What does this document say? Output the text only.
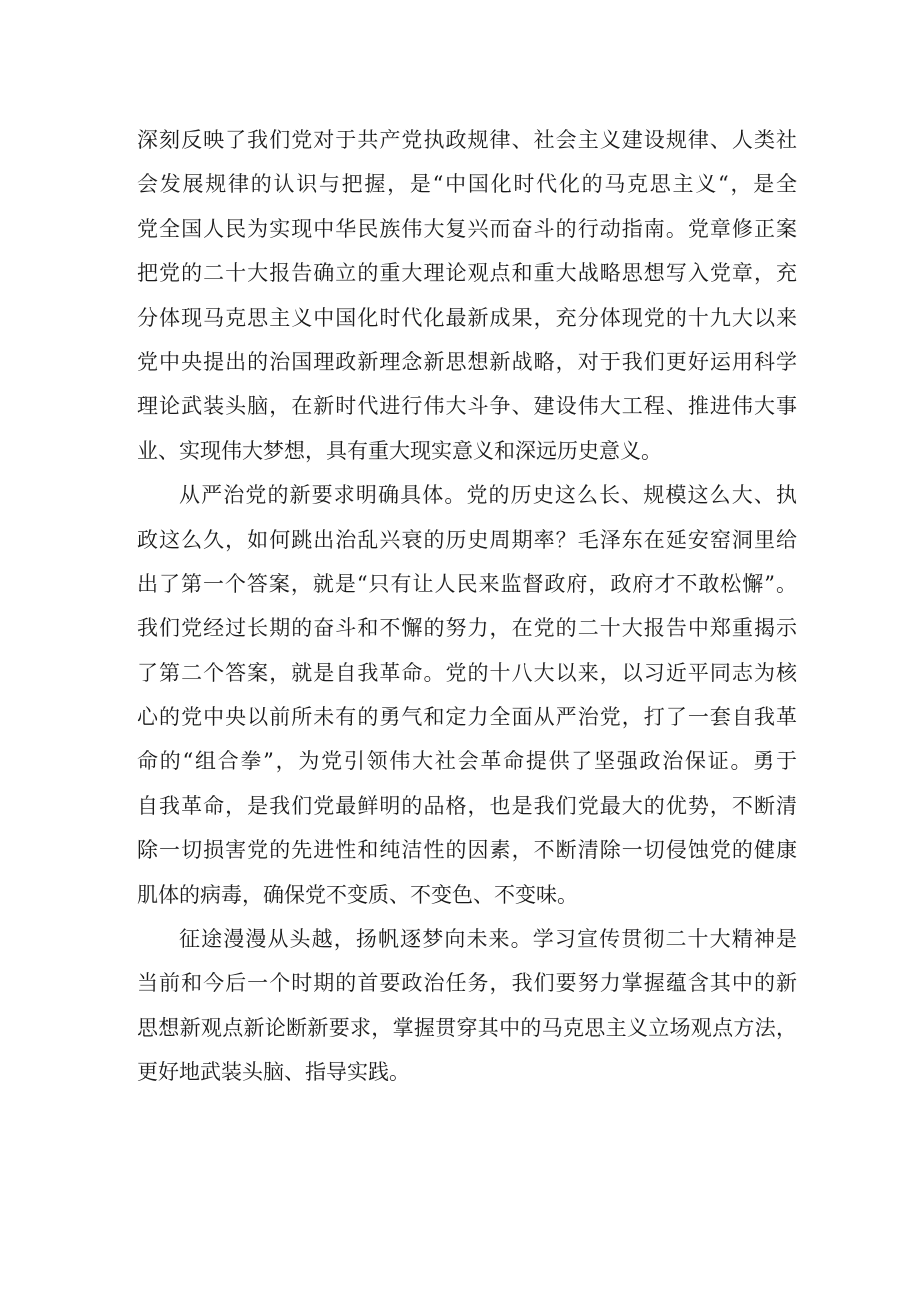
深刻反映了我们党对于共产党执政规律、社会主义建设规律、人类社
会发展规律的认识与把握，是“中国化时代化的马克思主义“，是全
党全国人民为实现中华民族伟大复兴而奋斗的行动指南。党章修正案
把党的二十大报告确立的重大理论观点和重大战略思想写入党章，充
分体现马克思主义中国化时代化最新成果，充分体现党的十九大以来
党中央提出的治国理政新理念新思想新战略，对于我们更好运用科学
理论武装头脑，在新时代进行伟大斗争、建设伟大工程、推进伟大事
业、实现伟大梦想，具有重大现实意义和深远历史意义。
从严治党的新要求明确具体。党的历史这么长、规模这么大、执
政这么久，如何跳出治乱兴衰的历史周期率？毛泽东在延安窑洞里给
出了第一个答案，就是“只有让人民来监督政府，政府才不敢松懈”。
我们党经过长期的奋斗和不懈的努力，在党的二十大报告中郑重揭示
了第二个答案，就是自我革命。党的十八大以来，以习近平同志为核
心的党中央以前所未有的勇气和定力全面从严治党，打了一套自我革
命的“组合拳”，为党引领伟大社会革命提供了坚强政治保证。勇于
自我革命，是我们党最鲜明的品格，也是我们党最大的优势，不断清
除一切损害党的先进性和纯洁性的因素，不断清除一切侵蚀党的健康
肌体的病毒，确保党不变质、不变色、不变味。
征途漫漫从头越，扬帆逐梦向未来。学习宣传贯彻二十大精神是
当前和今后一个时期的首要政治任务，我们要努力掌握蕴含其中的新
思想新观点新论断新要求，掌握贯穿其中的马克思主义立场观点方法，
更好地武装头脑、指导实践。
